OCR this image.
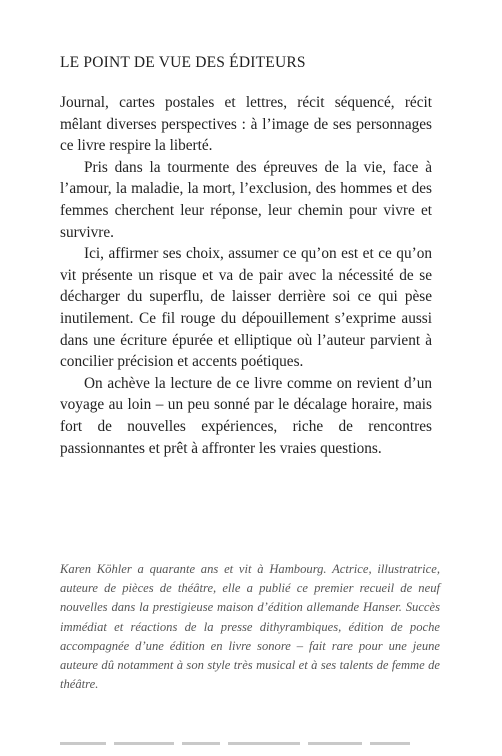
LE POINT DE VUE DES ÉDITEURS

Journal, cartes postales et lettres, récit séquencé, récit mêlant diverses perspectives : à l’image de ses personnages ce livre respire la liberté.

Pris dans la tourmente des épreuves de la vie, face à l’amour, la maladie, la mort, l’exclusion, des hommes et des femmes cherchent leur réponse, leur chemin pour vivre et survivre.

Ici, affirmer ses choix, assumer ce qu’on est et ce qu’on vit présente un risque et va de pair avec la nécessité de se décharger du superflu, de laisser derrière soi ce qui pèse inutilement. Ce fil rouge du dépouillement s’exprime aussi dans une écriture épurée et elliptique où l’auteur parvient à concilier précision et accents poétiques.

On achève la lecture de ce livre comme on revient d’un voyage au loin – un peu sonné par le décalage horaire, mais fort de nouvelles expériences, riche de rencontres passionnantes et prêt à affronter les vraies questions.

Karen Köhler a quarante ans et vit à Hambourg. Actrice, illustratrice, auteure de pièces de théâtre, elle a publié ce premier recueil de neuf nouvelles dans la prestigieuse maison d’édition allemande Hanser. Succès immédiat et réactions de la presse dithyrambiques, édition de poche accompagnée d’une édition en livre sonore – fait rare pour une jeune auteure dû notamment à son style très musical et à ses talents de femme de théâtre.
